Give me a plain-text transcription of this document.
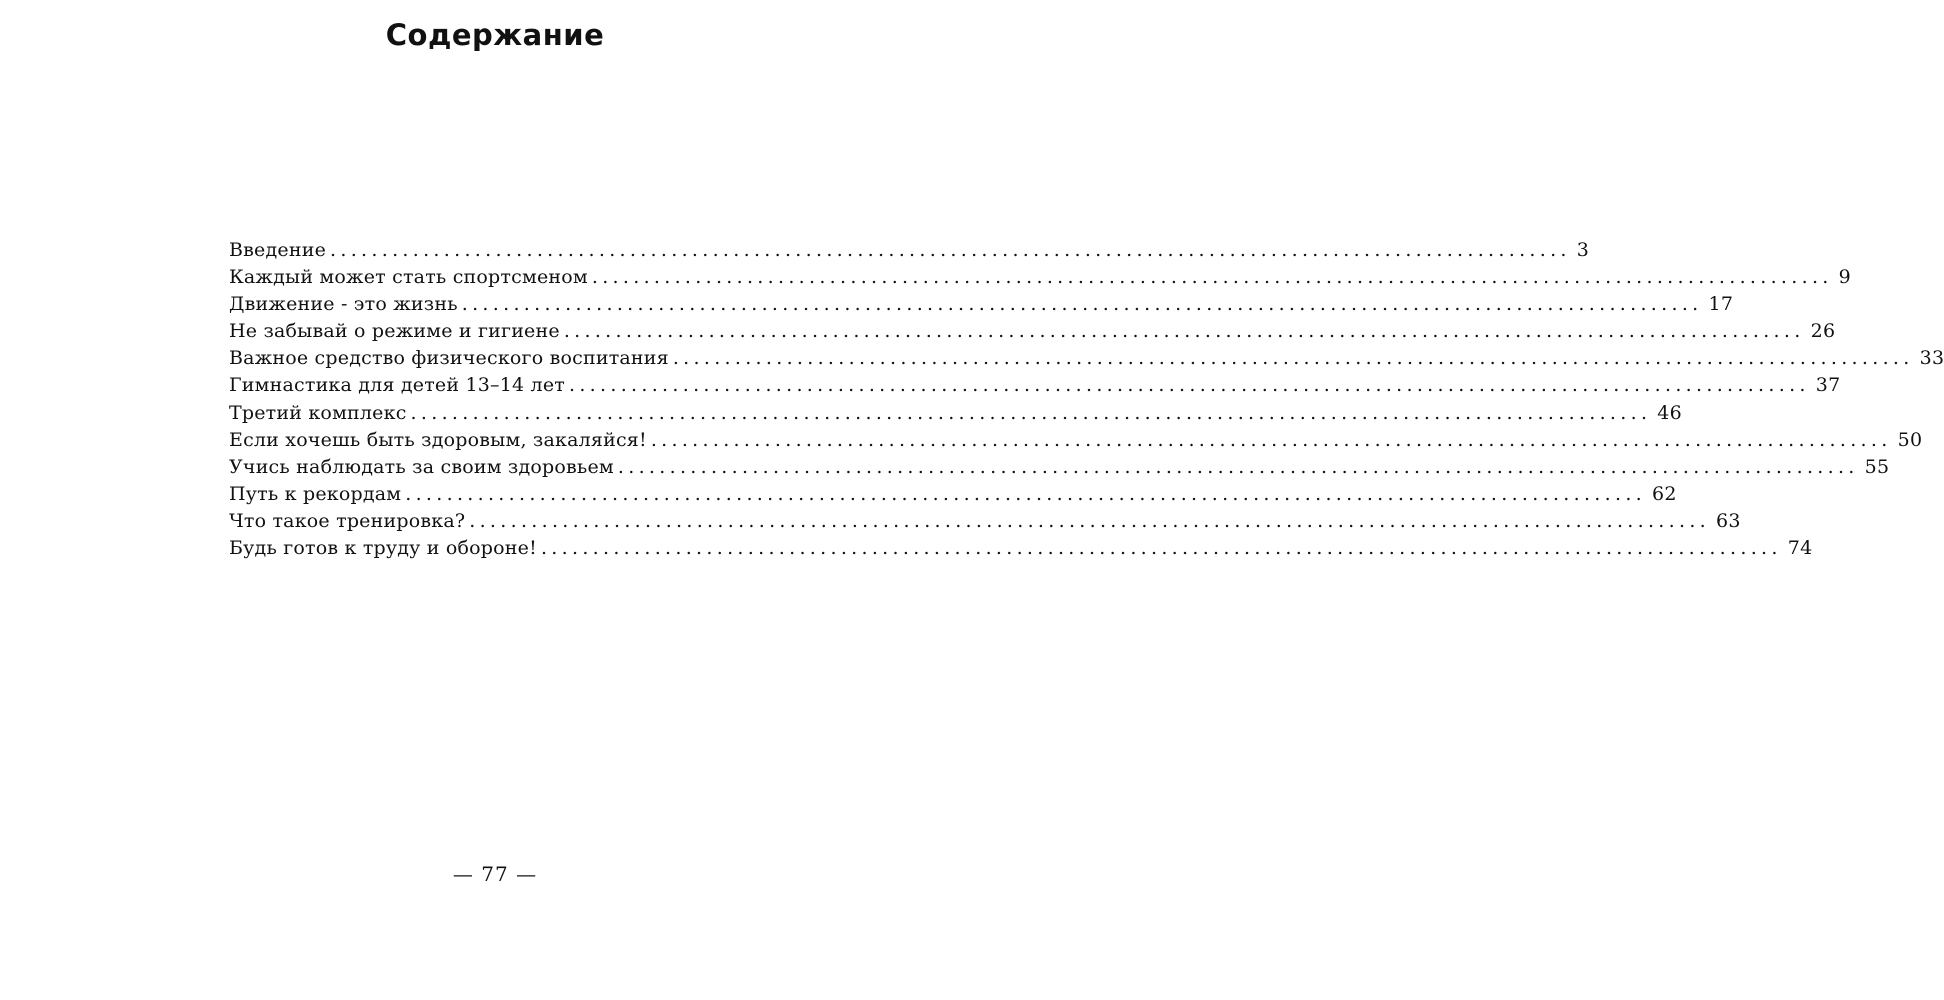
Содержание
Введение ........................................................................................................................ 3
Каждый может стать спортсменом ........................................................................................................................ 9
Движение - это жизнь ........................................................................................................................ 17
Не забывай о режиме и гигиене ........................................................................................................................ 26
Важное средство физического воспитания ........................................................................................................................ 33
Гимнастика для детей 13–14 лет ........................................................................................................................ 37
Третий комплекс ........................................................................................................................ 46
Если хочешь быть здоровым, закаляйся! ........................................................................................................................ 50
Учись наблюдать за своим здоровьем ........................................................................................................................ 55
Путь к рекордам ........................................................................................................................ 62
Что такое тренировка? ........................................................................................................................ 63
Будь готов к труду и обороне! ........................................................................................................................ 74
— 77 —
